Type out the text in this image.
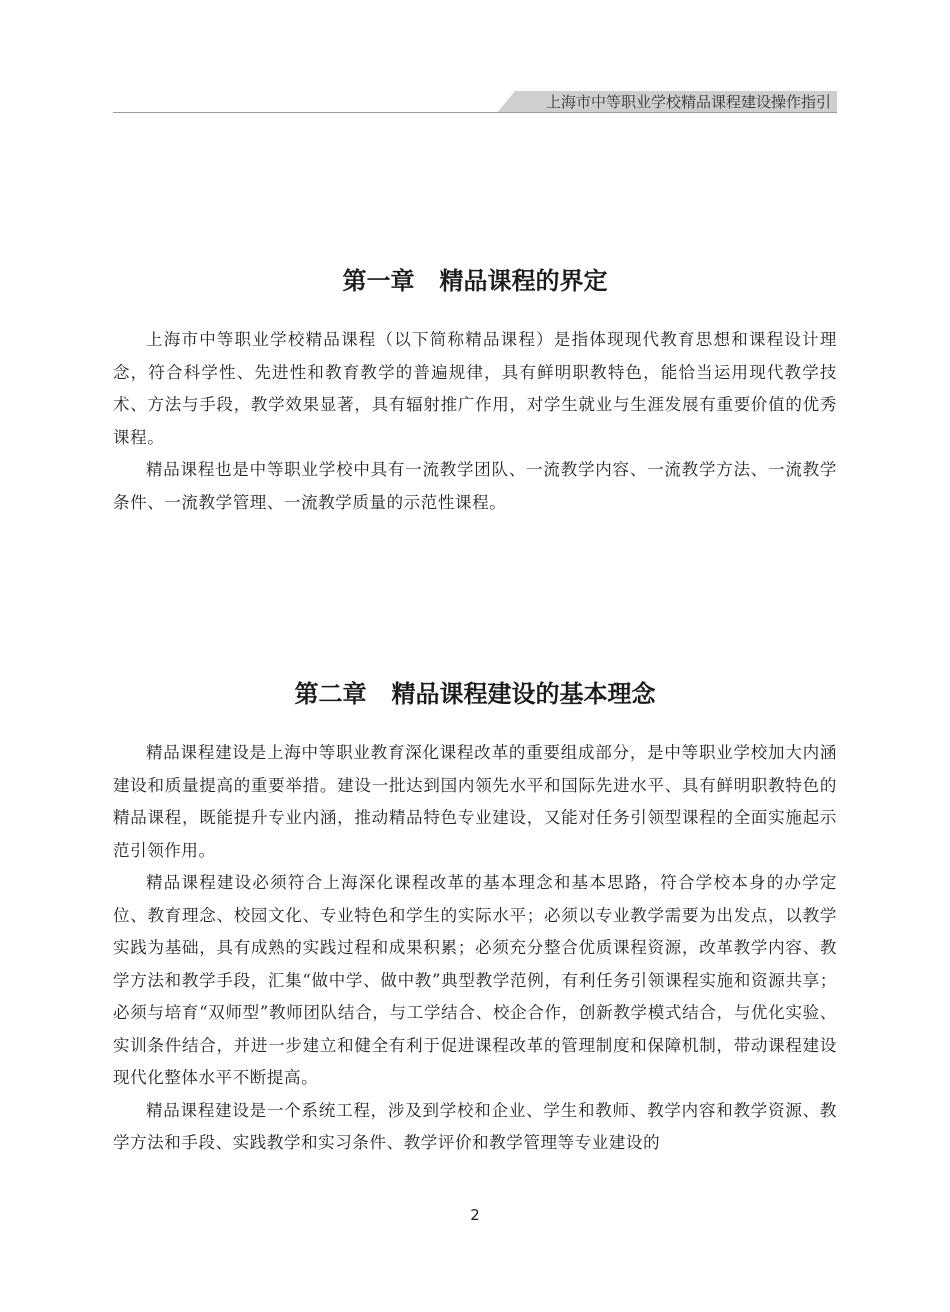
上海市中等职业学校精品课程建设操作指引
第一章   精品课程的界定

上海市中等职业学校精品课程（以下简称精品课程）是指体现现代教育思想和课程设计理念，符合科学性、先进性和教育教学的普遍规律，具有鲜明职教特色，能恰当运用现代教学技术、方法与手段，教学效果显著，具有辐射推广作用，对学生就业与生涯发展有重要价值的优秀课程。

精品课程也是中等职业学校中具有一流教学团队、一流教学内容、一流教学方法、一流教学条件、一流教学管理、一流教学质量的示范性课程。

第二章   精品课程建设的基本理念

精品课程建设是上海中等职业教育深化课程改革的重要组成部分，是中等职业学校加大内涵建设和质量提高的重要举措。建设一批达到国内领先水平和国际先进水平、具有鲜明职教特色的精品课程，既能提升专业内涵，推动精品特色专业建设，又能对任务引领型课程的全面实施起示范引领作用。

精品课程建设必须符合上海深化课程改革的基本理念和基本思路，符合学校本身的办学定位、教育理念、校园文化、专业特色和学生的实际水平；必须以专业教学需要为出发点，以教学实践为基础，具有成熟的实践过程和成果积累；必须充分整合优质课程资源，改革教学内容、教学方法和教学手段，汇集“做中学、做中教”典型教学范例，有利任务引领课程实施和资源共享；必须与培育“双师型”教师团队结合，与工学结合、校企合作，创新教学模式结合，与优化实验、实训条件结合，并进一步建立和健全有利于促进课程改革的管理制度和保障机制，带动课程建设现代化整体水平不断提高。

精品课程建设是一个系统工程，涉及到学校和企业、学生和教师、教学内容和教学资源、教学方法和手段、实践教学和实习条件、教学评价和教学管理等专业建设的

2
